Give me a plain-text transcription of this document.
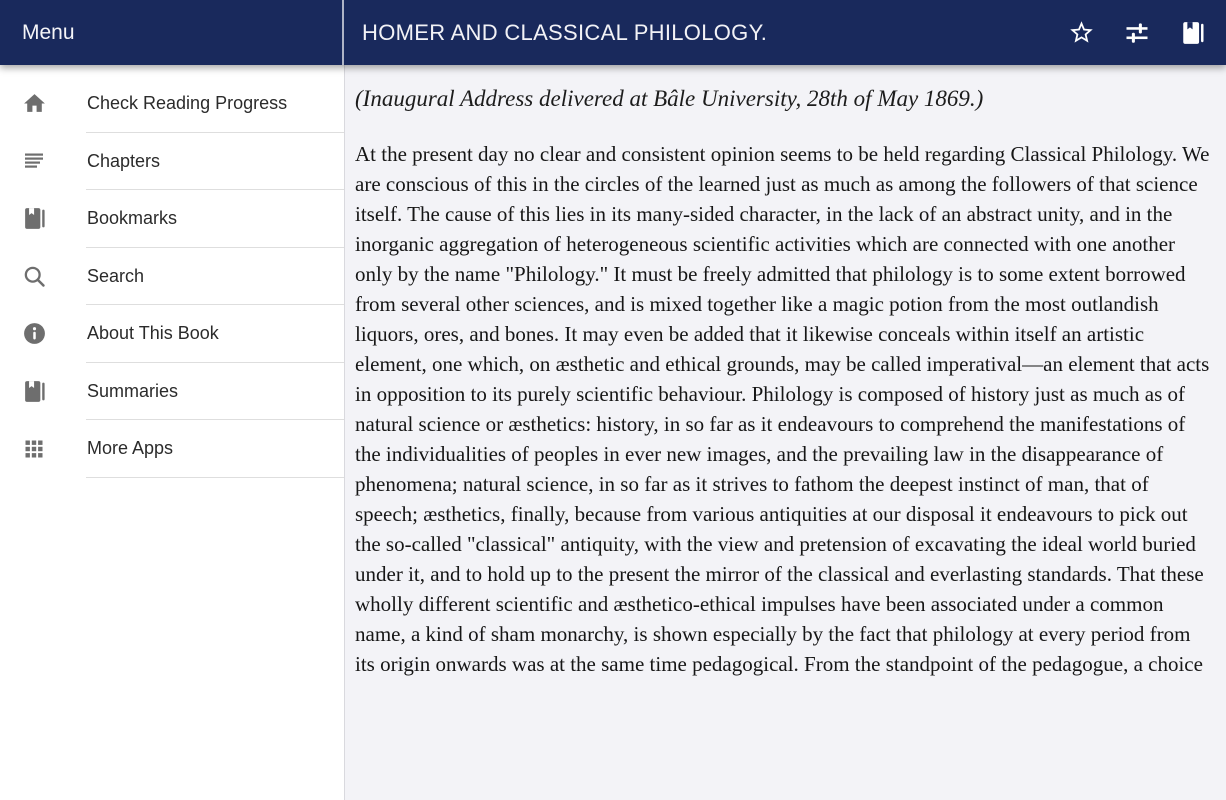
Menu	HOMER AND CLASSICAL PHILOLOGY.
Check Reading Progress
Chapters
Bookmarks
Search
About This Book
Summaries
More Apps

(Inaugural Address delivered at Bâle University, 28th of May 1869.)

At the present day no clear and consistent opinion seems to be held regarding Classical Philology. We are conscious of this in the circles of the learned just as much as among the followers of that science itself. The cause of this lies in its many-sided character, in the lack of an abstract unity, and in the inorganic aggregation of heterogeneous scientific activities which are connected with one another only by the name "Philology." It must be freely admitted that philology is to some extent borrowed from several other sciences, and is mixed together like a magic potion from the most outlandish liquors, ores, and bones. It may even be added that it likewise conceals within itself an artistic element, one which, on æsthetic and ethical grounds, may be called imperatival—an element that acts in opposition to its purely scientific behaviour. Philology is composed of history just as much as of natural science or æsthetics: history, in so far as it endeavours to comprehend the manifestations of the individualities of peoples in ever new images, and the prevailing law in the disappearance of phenomena; natural science, in so far as it strives to fathom the deepest instinct of man, that of speech; æsthetics, finally, because from various antiquities at our disposal it endeavours to pick out the so-called "classical" antiquity, with the view and pretension of excavating the ideal world buried under it, and to hold up to the present the mirror of the classical and everlasting standards. That these wholly different scientific and æsthetico-ethical impulses have been associated under a common name, a kind of sham monarchy, is shown especially by the fact that philology at every period from its origin onwards was at the same time pedagogical. From the standpoint of the pedagogue, a choice
